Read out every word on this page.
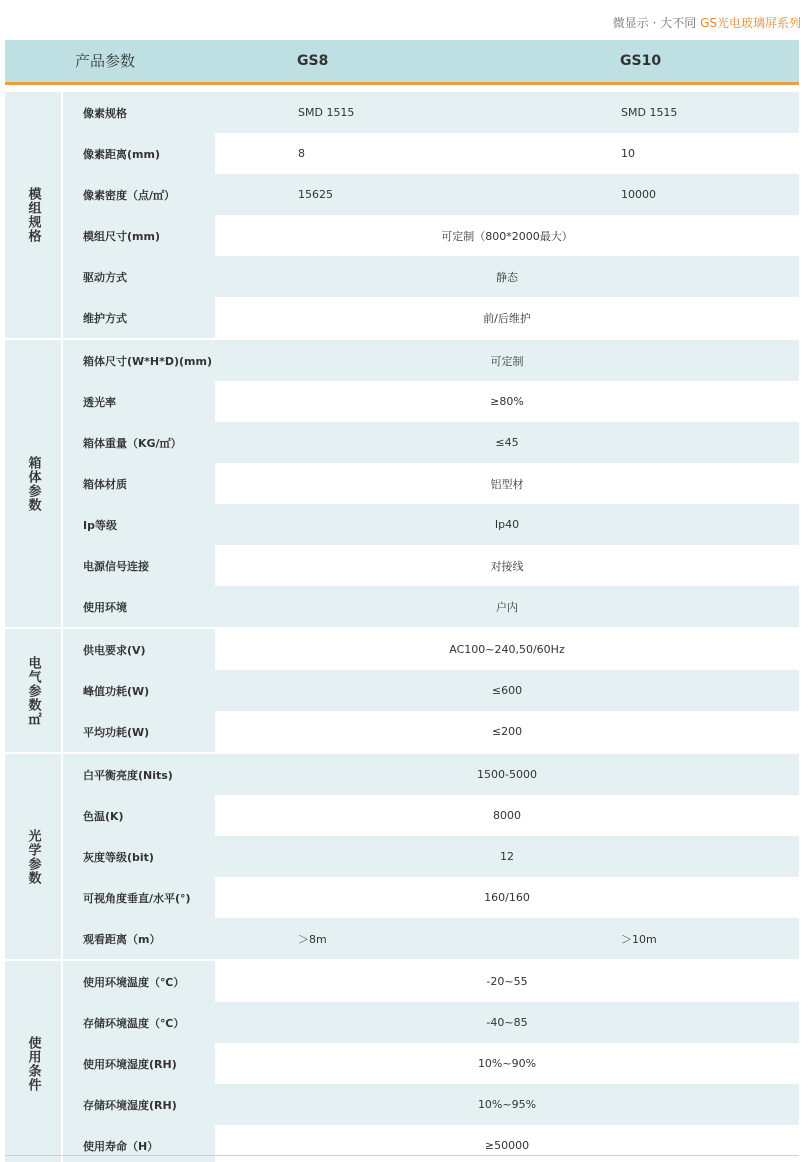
微显示 · 大不同 GS光电玻璃屏系列
产品参数	GS8	GS10
模组规格
像素规格	SMD 1515	SMD 1515
像素距离(mm)	8	10
像素密度（点/㎡）	15625	10000
模组尺寸(mm)	可定制（800*2000最大）
驱动方式	静态
维护方式	前/后维护
箱体参数
箱体尺寸(W*H*D)(mm)	可定制
透光率	≥80%
箱体重量（KG/㎡）	≤45
箱体材质	铝型材
Ip等级	Ip40
电源信号连接	对接线
使用环境	户内
电气参数㎡
供电要求(V)	AC100~240,50/60Hz
峰值功耗(W)	≤600
平均功耗(W)	≤200
光学参数
白平衡亮度(Nits)	1500-5000
色温(K)	8000
灰度等级(bit)	12
可视角度垂直/水平(°)	160/160
观看距离（m）	＞8m	＞10m
使用条件
使用环境温度（℃）	-20~55
存储环境温度（℃）	-40~85
使用环境湿度(RH)	10%~90%
存储环境湿度(RH)	10%~95%
使用寿命（H）	≥50000
